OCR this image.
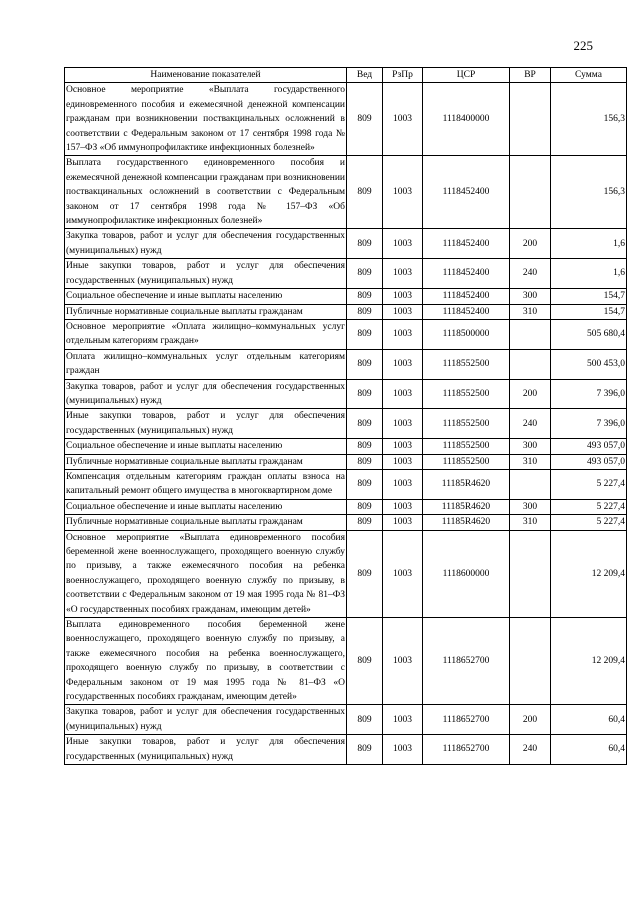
225
Наименование показателей	Вед	РзПр	ЦСР	ВР	Сумма
Основное мероприятие «Выплата государственного единовременного пособия и ежемесячной денежной компенсации гражданам при возникновении поствакцинальных осложнений в соответствии с Федеральным законом от 17 сентября 1998 года № 157–ФЗ «Об иммунопрофилактике инфекционных болезней»	809	1003	1118400000		156,3
Выплата государственного единовременного пособия и ежемесячной денежной компенсации гражданам при возникновении поствакцинальных осложнений в соответствии с Федеральным законом от 17 сентября 1998 года № 157–ФЗ «Об иммунопрофилактике инфекционных болезней»	809	1003	1118452400		156,3
Закупка товаров, работ и услуг для обеспечения государственных (муниципальных) нужд	809	1003	1118452400	200	1,6
Иные закупки товаров, работ и услуг для обеспечения государственных (муниципальных) нужд	809	1003	1118452400	240	1,6
Социальное обеспечение и иные выплаты населению	809	1003	1118452400	300	154,7
Публичные нормативные социальные выплаты гражданам	809	1003	1118452400	310	154,7
Основное мероприятие «Оплата жилищно–коммунальных услуг отдельным категориям граждан»	809	1003	1118500000		505 680,4
Оплата жилищно–коммунальных услуг отдельным категориям граждан	809	1003	1118552500		500 453,0
Закупка товаров, работ и услуг для обеспечения государственных (муниципальных) нужд	809	1003	1118552500	200	7 396,0
Иные закупки товаров, работ и услуг для обеспечения государственных (муниципальных) нужд	809	1003	1118552500	240	7 396,0
Социальное обеспечение и иные выплаты населению	809	1003	1118552500	300	493 057,0
Публичные нормативные социальные выплаты гражданам	809	1003	1118552500	310	493 057,0
Компенсация отдельным категориям граждан оплаты взноса на капитальный ремонт общего имущества в многоквартирном доме	809	1003	11185R4620		5 227,4
Социальное обеспечение и иные выплаты населению	809	1003	11185R4620	300	5 227,4
Публичные нормативные социальные выплаты гражданам	809	1003	11185R4620	310	5 227,4
Основное мероприятие «Выплата единовременного пособия беременной жене военнослужащего, проходящего военную службу по призыву, а также ежемесячного пособия на ребенка военнослужащего, проходящего военную службу по призыву, в соответствии с Федеральным законом от 19 мая 1995 года № 81–ФЗ «О государственных пособиях гражданам, имеющим детей»	809	1003	1118600000		12 209,4
Выплата единовременного пособия беременной жене военнослужащего, проходящего военную службу по призыву, а также ежемесячного пособия на ребенка военнослужащего, проходящего военную службу по призыву, в соответствии с Федеральным законом от 19 мая 1995 года № 81–ФЗ «О государственных пособиях гражданам, имеющим детей»	809	1003	1118652700		12 209,4
Закупка товаров, работ и услуг для обеспечения государственных (муниципальных) нужд	809	1003	1118652700	200	60,4
Иные закупки товаров, работ и услуг для обеспечения государственных (муниципальных) нужд	809	1003	1118652700	240	60,4
